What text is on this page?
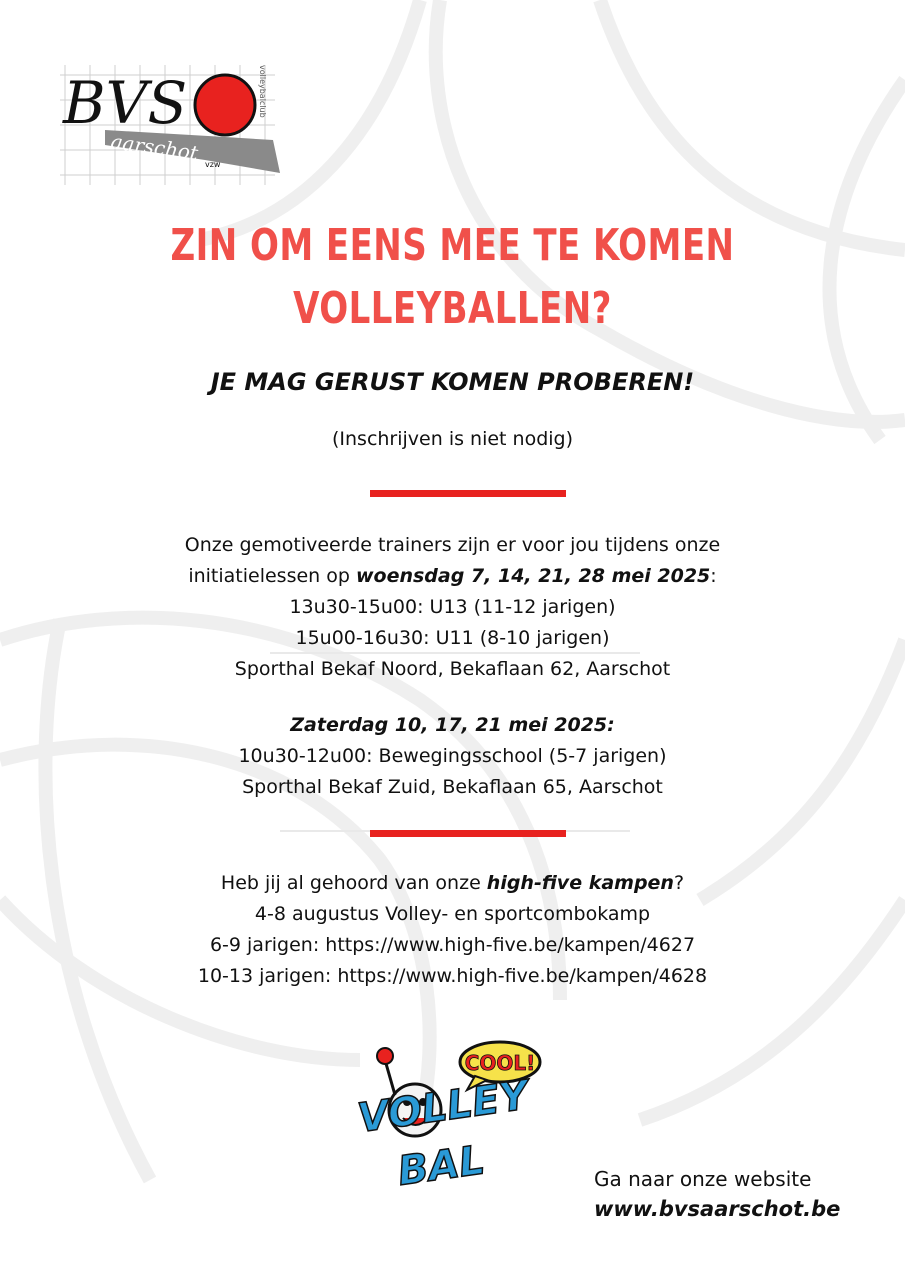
BVS
aarschot
volleybalclub
vzw
ZIN OM EENS MEE TE KOMEN
VOLLEYBALLEN?
JE MAG GERUST KOMEN PROBEREN!
(Inschrijven is niet nodig)
Onze gemotiveerde trainers zijn er voor jou tijdens onze
initiatielessen op woensdag 7, 14, 21, 28 mei 2025:
13u30-15u00: U13 (11-12 jarigen)
15u00-16u30: U11 (8-10 jarigen)
Sporthal Bekaf Noord, Bekaflaan 62, Aarschot
Zaterdag 10, 17, 21 mei 2025:
10u30-12u00: Bewegingsschool (5-7 jarigen)
Sporthal Bekaf Zuid, Bekaflaan 65, Aarschot
Heb jij al gehoord van onze high-five kampen?
4-8 augustus Volley- en sportcombokamp
6-9 jarigen: https://www.high-five.be/kampen/4627
10-13 jarigen: https://www.high-five.be/kampen/4628
COOL!
VOLLEY
BAL	Ga naar onze website
www.bvsaarschot.be
